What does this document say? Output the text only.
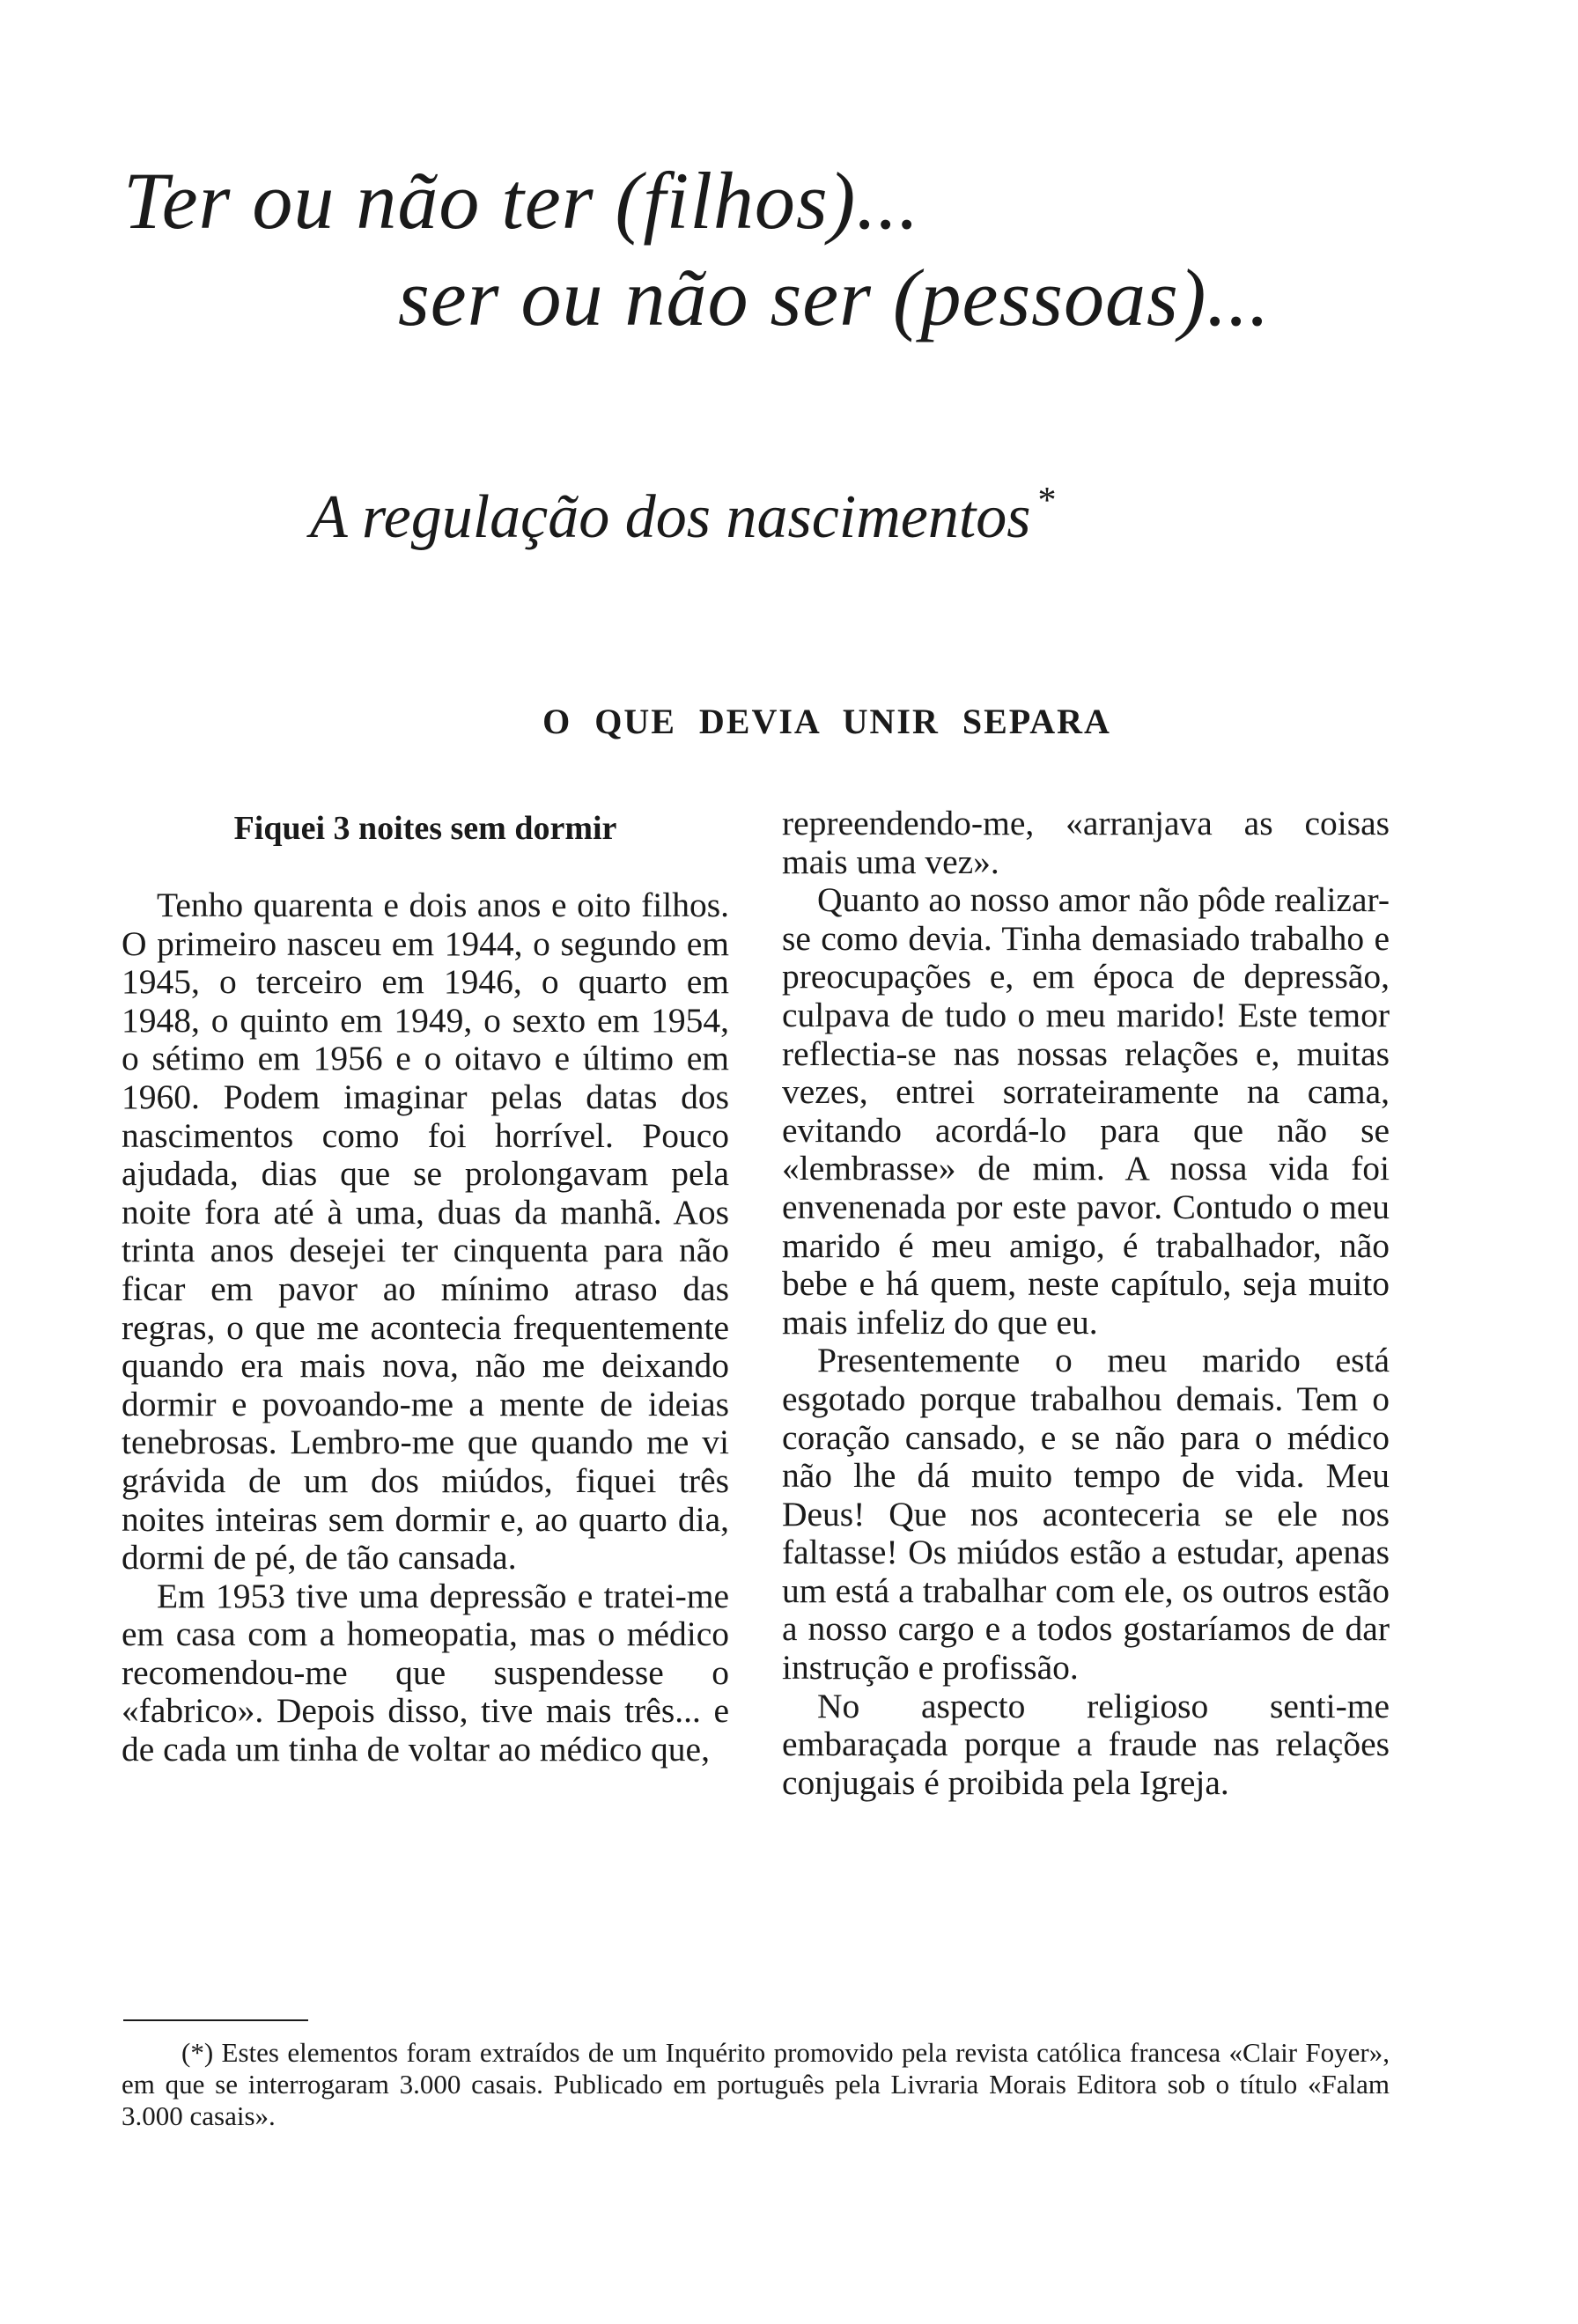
Ter ou não ter (filhos)...
ser ou não ser (pessoas)...
A regulação dos nascimentos *
O QUE DEVIA UNIR SEPARA
Fiquei 3 noites sem dormir

Tenho quarenta e dois anos e oito filhos. O primeiro nasceu em 1944, o segundo em 1945, o terceiro em 1946, o quarto em 1948, o quinto em 1949, o sexto em 1954, o sétimo em 1956 e o oitavo e último em 1960. Podem imaginar pelas datas dos nascimentos como foi horrível. Pouco ajudada, dias que se prolongavam pela noite fora até à uma, duas da manhã. Aos trinta anos desejei ter cinquenta para não ficar em pavor ao mínimo atraso das regras, o que me acontecia frequentemente quando era mais nova, não me deixando dormir e povoando-me a mente de ideias tenebrosas. Lembro-me que quando me vi grávida de um dos miúdos, fiquei três noites inteiras sem dormir e, ao quarto dia, dormi de pé, de tão cansada.

Em 1953 tive uma depressão e tratei-me em casa com a homeopatia, mas o médico recomendou-me que suspendesse o «fabrico». Depois disso, tive mais três... e de cada um tinha de voltar ao médico que,

repreendendo-me, «arranjava as coisas mais uma vez».

Quanto ao nosso amor não pôde realizar-se como devia. Tinha demasiado trabalho e preocupações e, em época de depressão, culpava de tudo o meu marido! Este temor reflectia-se nas nossas relações e, muitas vezes, entrei sorrateiramente na cama, evitando acordá-lo para que não se «lembrasse» de mim. A nossa vida foi envenenada por este pavor. Contudo o meu marido é meu amigo, é trabalhador, não bebe e há quem, neste capítulo, seja muito mais infeliz do que eu.

Presentemente o meu marido está esgotado porque trabalhou demais. Tem o coração cansado, e se não para o médico não lhe dá muito tempo de vida. Meu Deus! Que nos aconteceria se ele nos faltasse! Os miúdos estão a estudar, apenas um está a trabalhar com ele, os outros estão a nosso cargo e a todos gostaríamos de dar instrução e profissão.

No aspecto religioso senti-me embaraçada porque a fraude nas relações conjugais é proibida pela Igreja.

(*) Estes elementos foram extraídos de um Inquérito promovido pela revista católica francesa «Clair Foyer», em que se interrogaram 3.000 casais. Publicado em português pela Livraria Morais Editora sob o título «Falam 3.000 casais».
